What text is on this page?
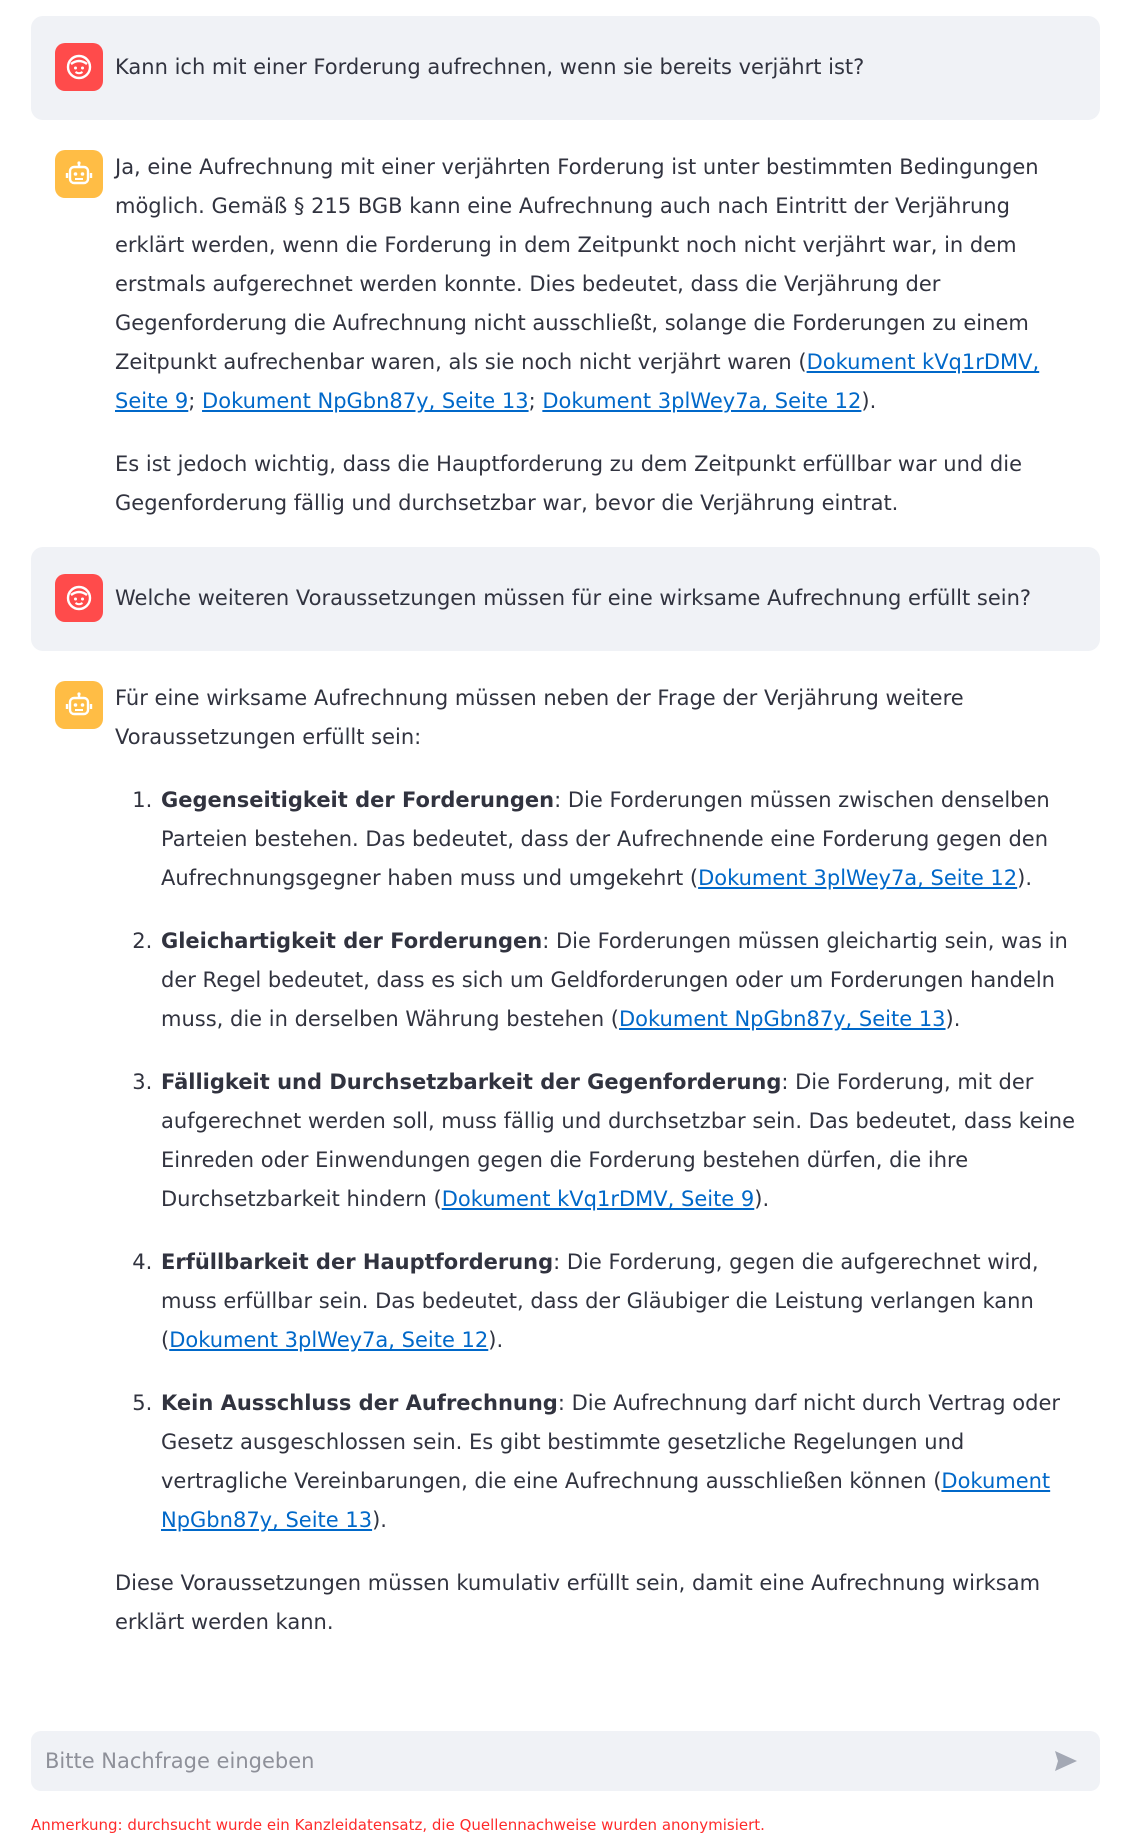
Kann ich mit einer Forderung aufrechnen, wenn sie bereits verjährt ist?

Ja, eine Aufrechnung mit einer verjährten Forderung ist unter bestimmten Bedingungen möglich. Gemäß § 215 BGB kann eine Aufrechnung auch nach Eintritt der Verjährung erklärt werden, wenn die Forderung in dem Zeitpunkt noch nicht verjährt war, in dem erstmals aufgerechnet werden konnte. Dies bedeutet, dass die Verjährung der Gegenforderung die Aufrechnung nicht ausschließt, solange die Forderungen zu einem Zeitpunkt aufrechenbar waren, als sie noch nicht verjährt waren (Dokument kVq1rDMV, Seite 9; Dokument NpGbn87y, Seite 13; Dokument 3plWey7a, Seite 12).

Es ist jedoch wichtig, dass die Hauptforderung zu dem Zeitpunkt erfüllbar war und die Gegenforderung fällig und durchsetzbar war, bevor die Verjährung eintrat.

Welche weiteren Voraussetzungen müssen für eine wirksame Aufrechnung erfüllt sein?

Für eine wirksame Aufrechnung müssen neben der Frage der Verjährung weitere Voraussetzungen erfüllt sein:

1. Gegenseitigkeit der Forderungen: Die Forderungen müssen zwischen denselben Parteien bestehen. Das bedeutet, dass der Aufrechnende eine Forderung gegen den Aufrechnungsgegner haben muss und umgekehrt (Dokument 3plWey7a, Seite 12).
2. Gleichartigkeit der Forderungen: Die Forderungen müssen gleichartig sein, was in der Regel bedeutet, dass es sich um Geldforderungen oder um Forderungen handeln muss, die in derselben Währung bestehen (Dokument NpGbn87y, Seite 13).
3. Fälligkeit und Durchsetzbarkeit der Gegenforderung: Die Forderung, mit der aufgerechnet werden soll, muss fällig und durchsetzbar sein. Das bedeutet, dass keine Einreden oder Einwendungen gegen die Forderung bestehen dürfen, die ihre Durchsetzbarkeit hindern (Dokument kVq1rDMV, Seite 9).
4. Erfüllbarkeit der Hauptforderung: Die Forderung, gegen die aufgerechnet wird, muss erfüllbar sein. Das bedeutet, dass der Gläubiger die Leistung verlangen kann (Dokument 3plWey7a, Seite 12).
5. Kein Ausschluss der Aufrechnung: Die Aufrechnung darf nicht durch Vertrag oder Gesetz ausgeschlossen sein. Es gibt bestimmte gesetzliche Regelungen und vertragliche Vereinbarungen, die eine Aufrechnung ausschließen können (Dokument NpGbn87y, Seite 13).

Diese Voraussetzungen müssen kumulativ erfüllt sein, damit eine Aufrechnung wirksam erklärt werden kann.

Bitte Nachfrage eingeben
Anmerkung: durchsucht wurde ein Kanzleidatensatz, die Quellennachweise wurden anonymisiert.
